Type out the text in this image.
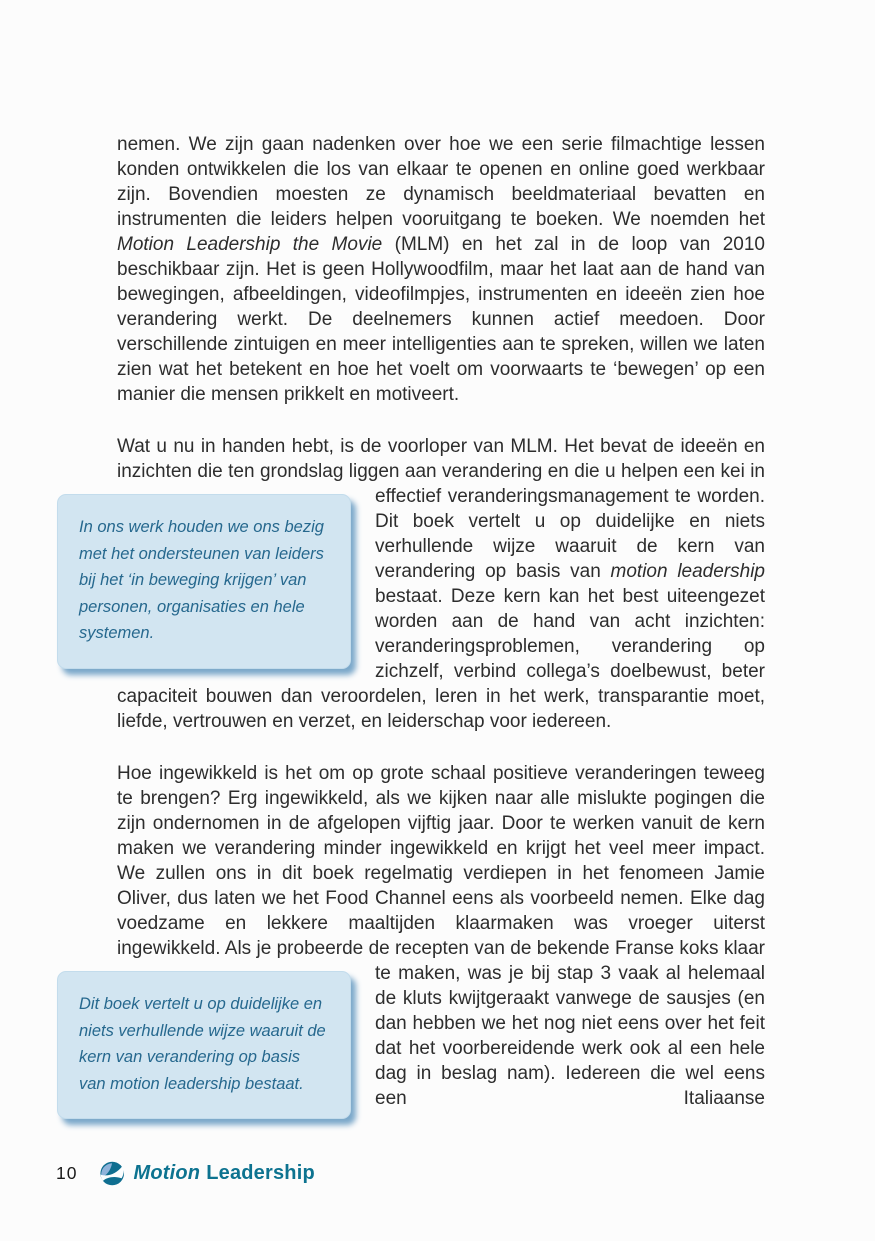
nemen. We zijn gaan nadenken over hoe we een serie filmachtige lessen konden ontwikkelen die los van elkaar te openen en online goed werkbaar zijn. Bovendien moesten ze dynamisch beeldmateriaal bevatten en instrumenten die leiders helpen vooruitgang te boeken. We noemden het Motion Leadership the Movie (MLM) en het zal in de loop van 2010 beschikbaar zijn. Het is geen Hollywoodfilm, maar het laat aan de hand van bewegingen, afbeeldingen, videofilmpjes, instrumenten en ideeën zien hoe verandering werkt. De deelnemers kunnen actief meedoen. Door verschillende zintuigen en meer intelligenties aan te spreken, willen we laten zien wat het betekent en hoe het voelt om voorwaarts te ‘bewegen’ op een manier die mensen prikkelt en motiveert.

Wat u nu in handen hebt, is de voorloper van MLM. Het bevat de ideeën en inzichten die ten grondslag liggen aan verandering en die u helpen een
In ons werk houden we ons bezig met het ondersteunen van leiders bij het ‘in beweging krijgen’ van personen, organisaties en hele systemen.
kei in effectief veranderingsmanagement te worden. Dit boek vertelt u op duidelijke en niets verhullende wijze waaruit de kern van verandering op basis van motion leadership bestaat. Deze kern kan het best uiteengezet worden aan de hand van acht inzichten: veranderingsproblemen, verandering op zichzelf, verbind collega’s doelbewust, beter capaciteit bouwen dan veroordelen, leren in het werk, transparantie moet, liefde, vertrouwen en verzet, en leiderschap voor iedereen.

Hoe ingewikkeld is het om op grote schaal positieve veranderingen teweeg te brengen? Erg ingewikkeld, als we kijken naar alle mislukte pogingen die zijn ondernomen in de afgelopen vijftig jaar. Door te werken vanuit de kern maken we verandering minder ingewikkeld en krijgt het veel meer impact. We zullen ons in dit boek regelmatig verdiepen in het fenomeen Jamie Oliver, dus laten we het Food Channel eens als voorbeeld nemen. Elke dag voedzame en lekkere maaltijden klaarmaken was vroeger uiterst ingewikkeld. Als je probeerde de recepten van de bekende Franse
Dit boek vertelt u op duidelijke en niets verhullende wijze waaruit de kern van verandering op basis van motion leadership bestaat.
koks klaar te maken, was je bij stap 3 vaak al helemaal de kluts kwijtgeraakt vanwege de sausjes (en dan hebben we het nog niet eens over het feit dat het voorbereidende werk ook al een hele dag in beslag nam). Iedereen die wel eens een Italiaanse

10	Motion Leadership
